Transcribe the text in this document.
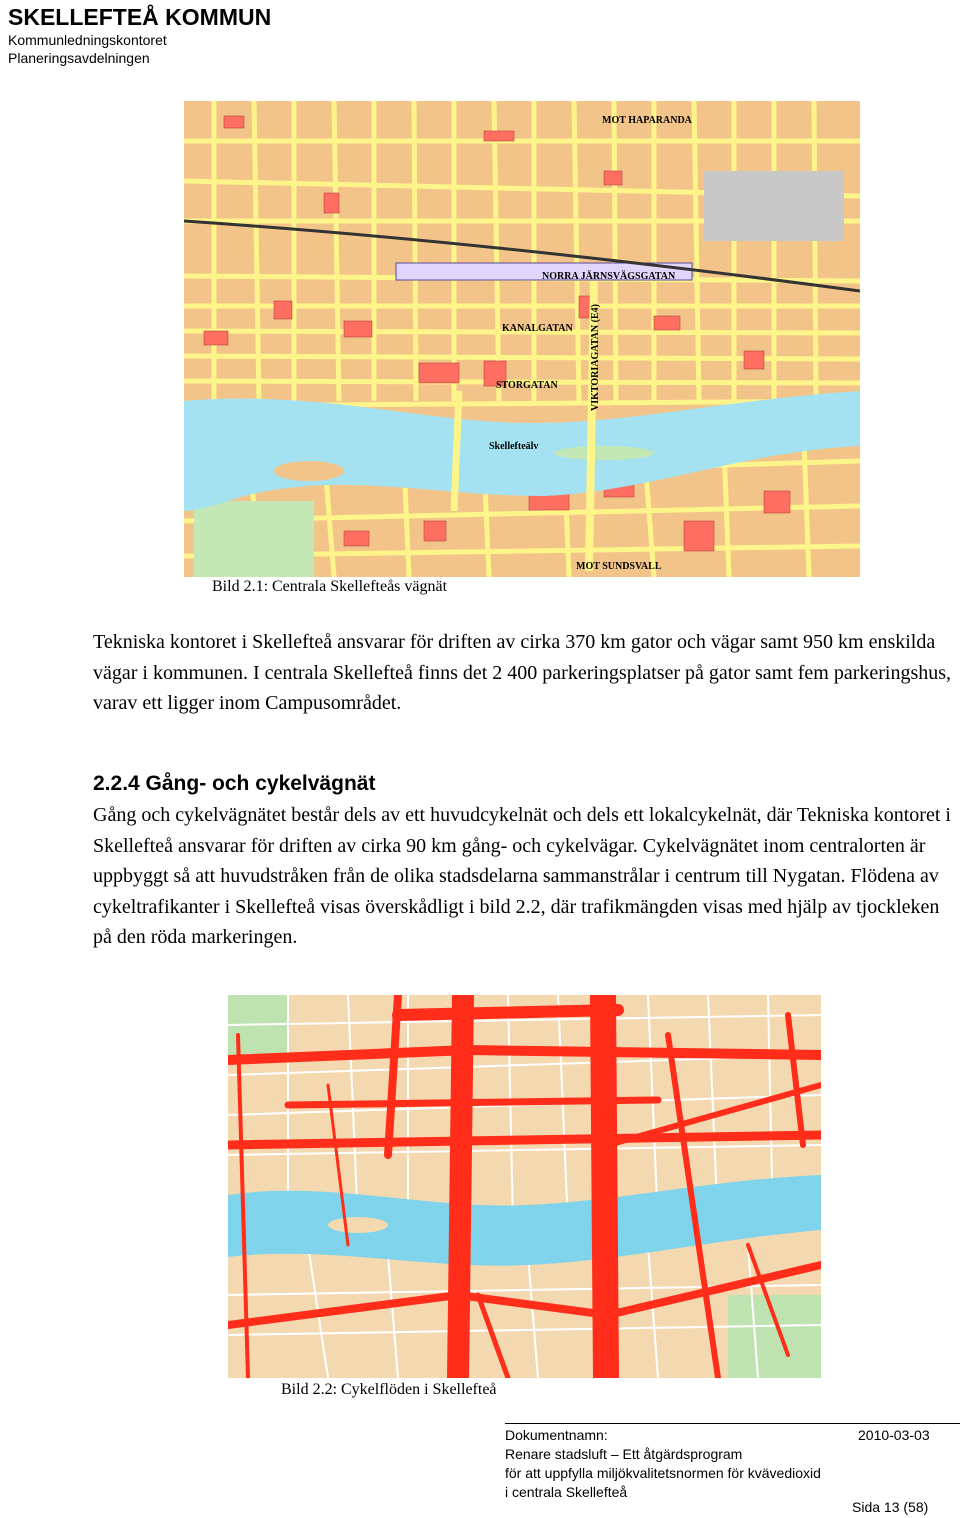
SKELLEFTEÅ KOMMUN
Kommunledningskontoret
Planeringsavdelningen
MOT HAPARANDA
NORRA JÄRNSVÄGSGATAN
KANALGATAN
STORGATAN	VIKTORIAGATAN (E4)
Skellefteälv
MOT SUNDSVALL
Bild 2.1: Centrala Skellefteås vägnät

Tekniska kontoret i Skellefteå ansvarar för driften av cirka 370 km gator och vägar samt 950 km enskilda vägar i kommunen. I centrala Skellefteå finns det 2 400 parkeringsplatser på gator samt fem parkeringshus, varav ett ligger inom Campusområdet.

2.2.4 Gång- och cykelvägnät

Gång och cykelvägnätet består dels av ett huvudcykelnät och dels ett lokalcykelnät, där Tekniska kontoret i Skellefteå ansvarar för driften av cirka 90 km gång- och cykelvägar. Cykelvägnätet inom centralorten är uppbyggt så att huvudstråken från de olika stadsdelarna sammanstrålar i centrum till Nygatan. Flödena av cykeltrafikanter i Skellefteå visas överskådligt i bild 2.2, där trafikmängden visas med hjälp av tjockleken på den röda markeringen.

Bild 2.2: Cykelflöden i Skellefteå
Dokumentnamn:	2010-03-03
Renare stadsluft – Ett åtgärdsprogram
för att uppfylla miljökvalitetsnormen för kvävedioxid
i centrala Skellefteå
Sida 13 (58)
